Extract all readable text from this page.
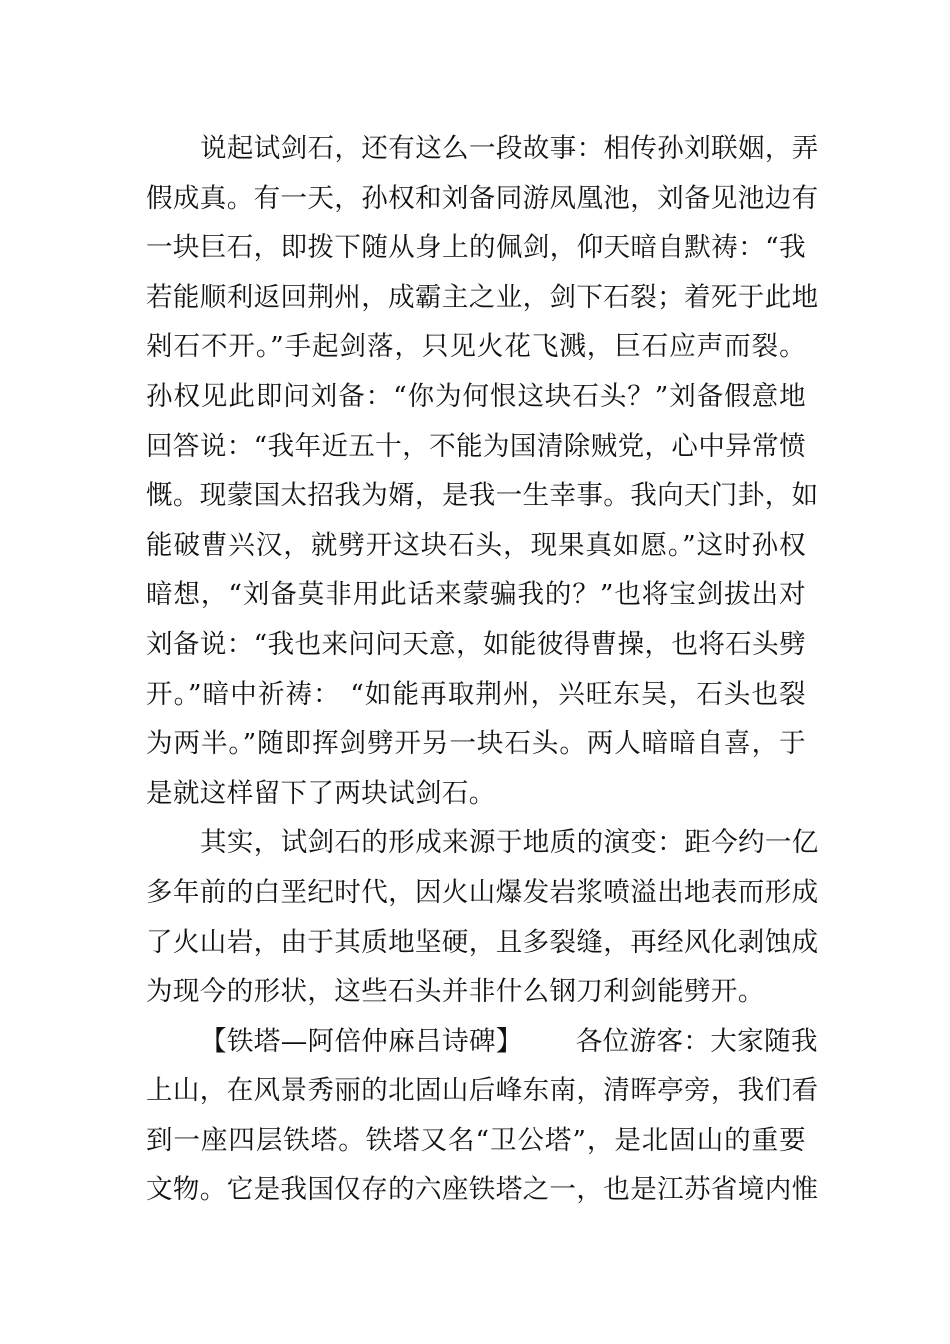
说起试剑石，还有这么一段故事：相传孙刘联姻，弄
假成真。有一天，孙权和刘备同游凤凰池，刘备见池边有
一块巨石，即拨下随从身上的佩剑，仰天暗自默祷：“我
若能顺利返回荆州，成霸主之业，剑下石裂；着死于此地
剁石不开。”手起剑落，只见火花飞溅，巨石应声而裂。
孙权见此即问刘备：“你为何恨这块石头？”刘备假意地
回答说：“我年近五十，不能为国清除贼党，心中异常愤
慨。现蒙国太招我为婿，是我一生幸事。我向天门卦，如
能破曹兴汉，就劈开这块石头，现果真如愿。”这时孙权
暗想，“刘备莫非用此话来蒙骗我的？”也将宝剑拔出对
刘备说：“我也来问问天意，如能彼得曹操，也将石头劈
开。”暗中祈祷： “如能再取荆州，兴旺东吴，石头也裂
为两半。”随即挥剑劈开另一块石头。两人暗暗自喜，于
是就这样留下了两块试剑石。
其实，试剑石的形成来源于地质的演变：距今约一亿
多年前的白垩纪时代，因火山爆发岩浆喷溢出地表而形成
了火山岩，由于其质地坚硬，且多裂缝，再经风化剥蚀成
为现今的形状，这些石头并非什么钢刀利剑能劈开。
【铁塔—阿倍仲麻吕诗碑】 各位游客：大家随我
上山，在风景秀丽的北固山后峰东南，清晖亭旁，我们看
到一座四层铁塔。铁塔又名“卫公塔”，是北固山的重要
文物。它是我国仅存的六座铁塔之一，也是江苏省境内惟
